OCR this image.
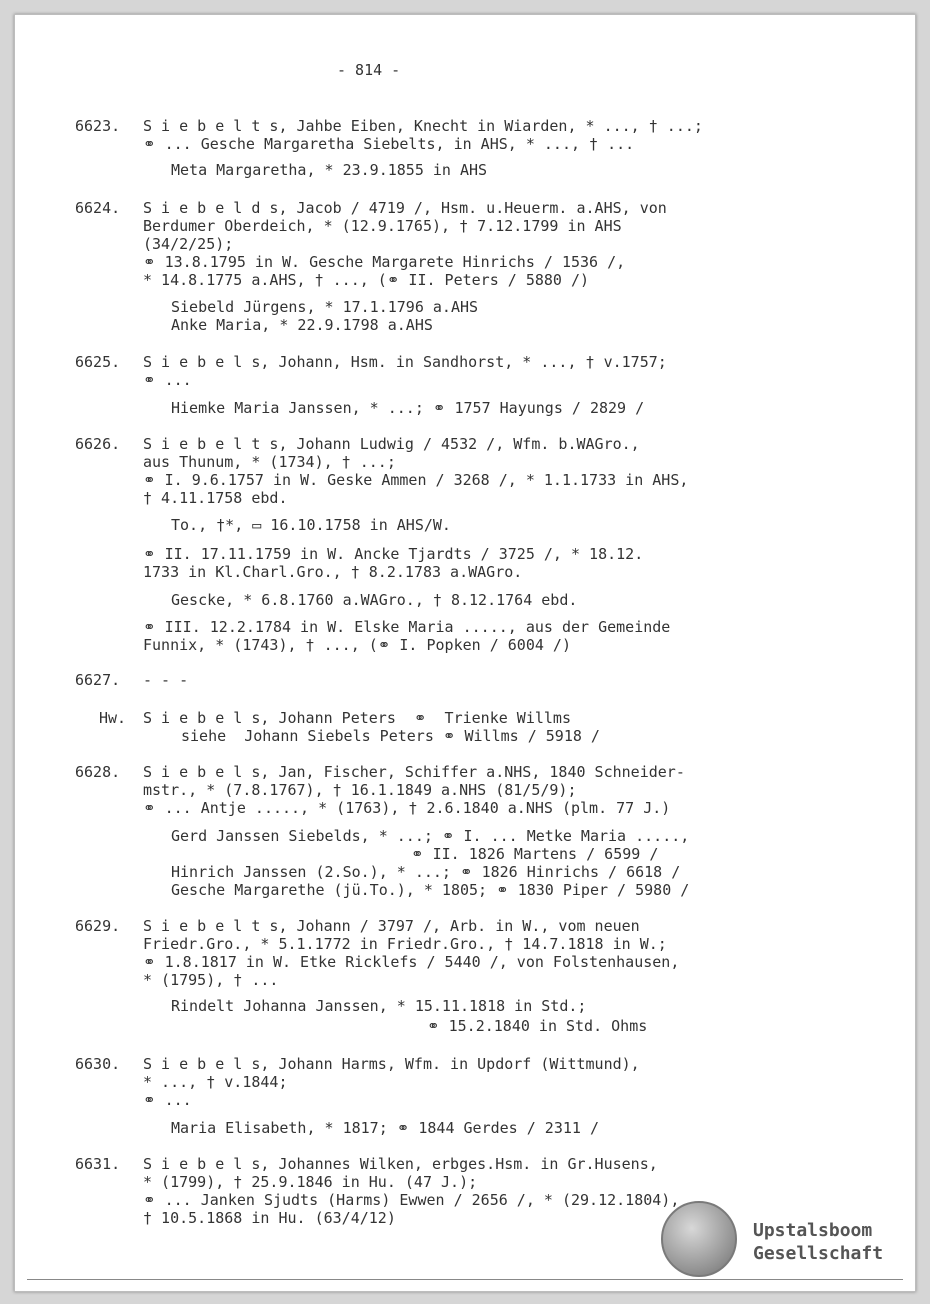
- 814 -
6623. S i e b e l t s, Jahbe Eiben, Knecht in Wiarden, * ..., † ...;
⚭ ... Gesche Margaretha Siebelts, in AHS, * ..., † ...
Meta Margaretha, * 23.9.1855 in AHS
6624. S i e b e l d s, Jacob / 4719 /, Hsm. u.Heuerm. a.AHS, von
Berdumer Oberdeich, * (12.9.1765), † 7.12.1799 in AHS
(34/2/25);
⚭ 13.8.1795 in W. Gesche Margarete Hinrichs / 1536 /,
* 14.8.1775 a.AHS, † ..., (⚭ II. Peters / 5880 /)
Siebeld Jürgens, * 17.1.1796 a.AHS
Anke Maria, * 22.9.1798 a.AHS
6625. S i e b e l s, Johann, Hsm. in Sandhorst, * ..., † v.1757;
⚭ ...
Hiemke Maria Janssen, * ...; ⚭ 1757 Hayungs / 2829 /
6626. S i e b e l t s, Johann Ludwig / 4532 /, Wfm. b.WAGro.,
aus Thunum, * (1734), † ...;
⚭ I. 9.6.1757 in W. Geske Ammen / 3268 /, * 1.1.1733 in AHS,
† 4.11.1758 ebd.
To., †*, ▭ 16.10.1758 in AHS/W.
⚭ II. 17.11.1759 in W. Ancke Tjardts / 3725 /, * 18.12.
1733 in Kl.Charl.Gro., † 8.2.1783 a.WAGro.
Gescke, * 6.8.1760 a.WAGro., † 8.12.1764 ebd.
⚭ III. 12.2.1784 in W. Elske Maria ....., aus der Gemeinde
Funnix, * (1743), † ..., (⚭ I. Popken / 6004 /)
6627. - - -
Hw. S i e b e l s, Johann Peters  ⚭  Trienke Willms
siehe  Johann Siebels Peters ⚭ Willms / 5918 /
6628. S i e b e l s, Jan, Fischer, Schiffer a.NHS, 1840 Schneider-
mstr., * (7.8.1767), † 16.1.1849 a.NHS (81/5/9);
⚭ ... Antje ....., * (1763), † 2.6.1840 a.NHS (plm. 77 J.)
Gerd Janssen Siebelds, * ...; ⚭ I. ... Metke Maria .....,
⚭ II. 1826 Martens / 6599 /
Hinrich Janssen (2.So.), * ...; ⚭ 1826 Hinrichs / 6618 /
Gesche Margarethe (jü.To.), * 1805; ⚭ 1830 Piper / 5980 /
6629. S i e b e l t s, Johann / 3797 /, Arb. in W., vom neuen
Friedr.Gro., * 5.1.1772 in Friedr.Gro., † 14.7.1818 in W.;
⚭ 1.8.1817 in W. Etke Ricklefs / 5440 /, von Folstenhausen,
* (1795), † ...
Rindelt Johanna Janssen, * 15.11.1818 in Std.;
⚭ 15.2.1840 in Std. Ohms
6630. S i e b e l s, Johann Harms, Wfm. in Updorf (Wittmund),
* ..., † v.1844;
⚭ ...
Maria Elisabeth, * 1817; ⚭ 1844 Gerdes / 2311 /
6631. S i e b e l s, Johannes Wilken, erbges.Hsm. in Gr.Husens,
* (1799), † 25.9.1846 in Hu. (47 J.);
⚭ ... Janken Sjudts (Harms) Ewwen / 2656 /, * (29.12.1804),
† 10.5.1868 in Hu. (63/4/12)
Upstalsboom
Gesellschaft
